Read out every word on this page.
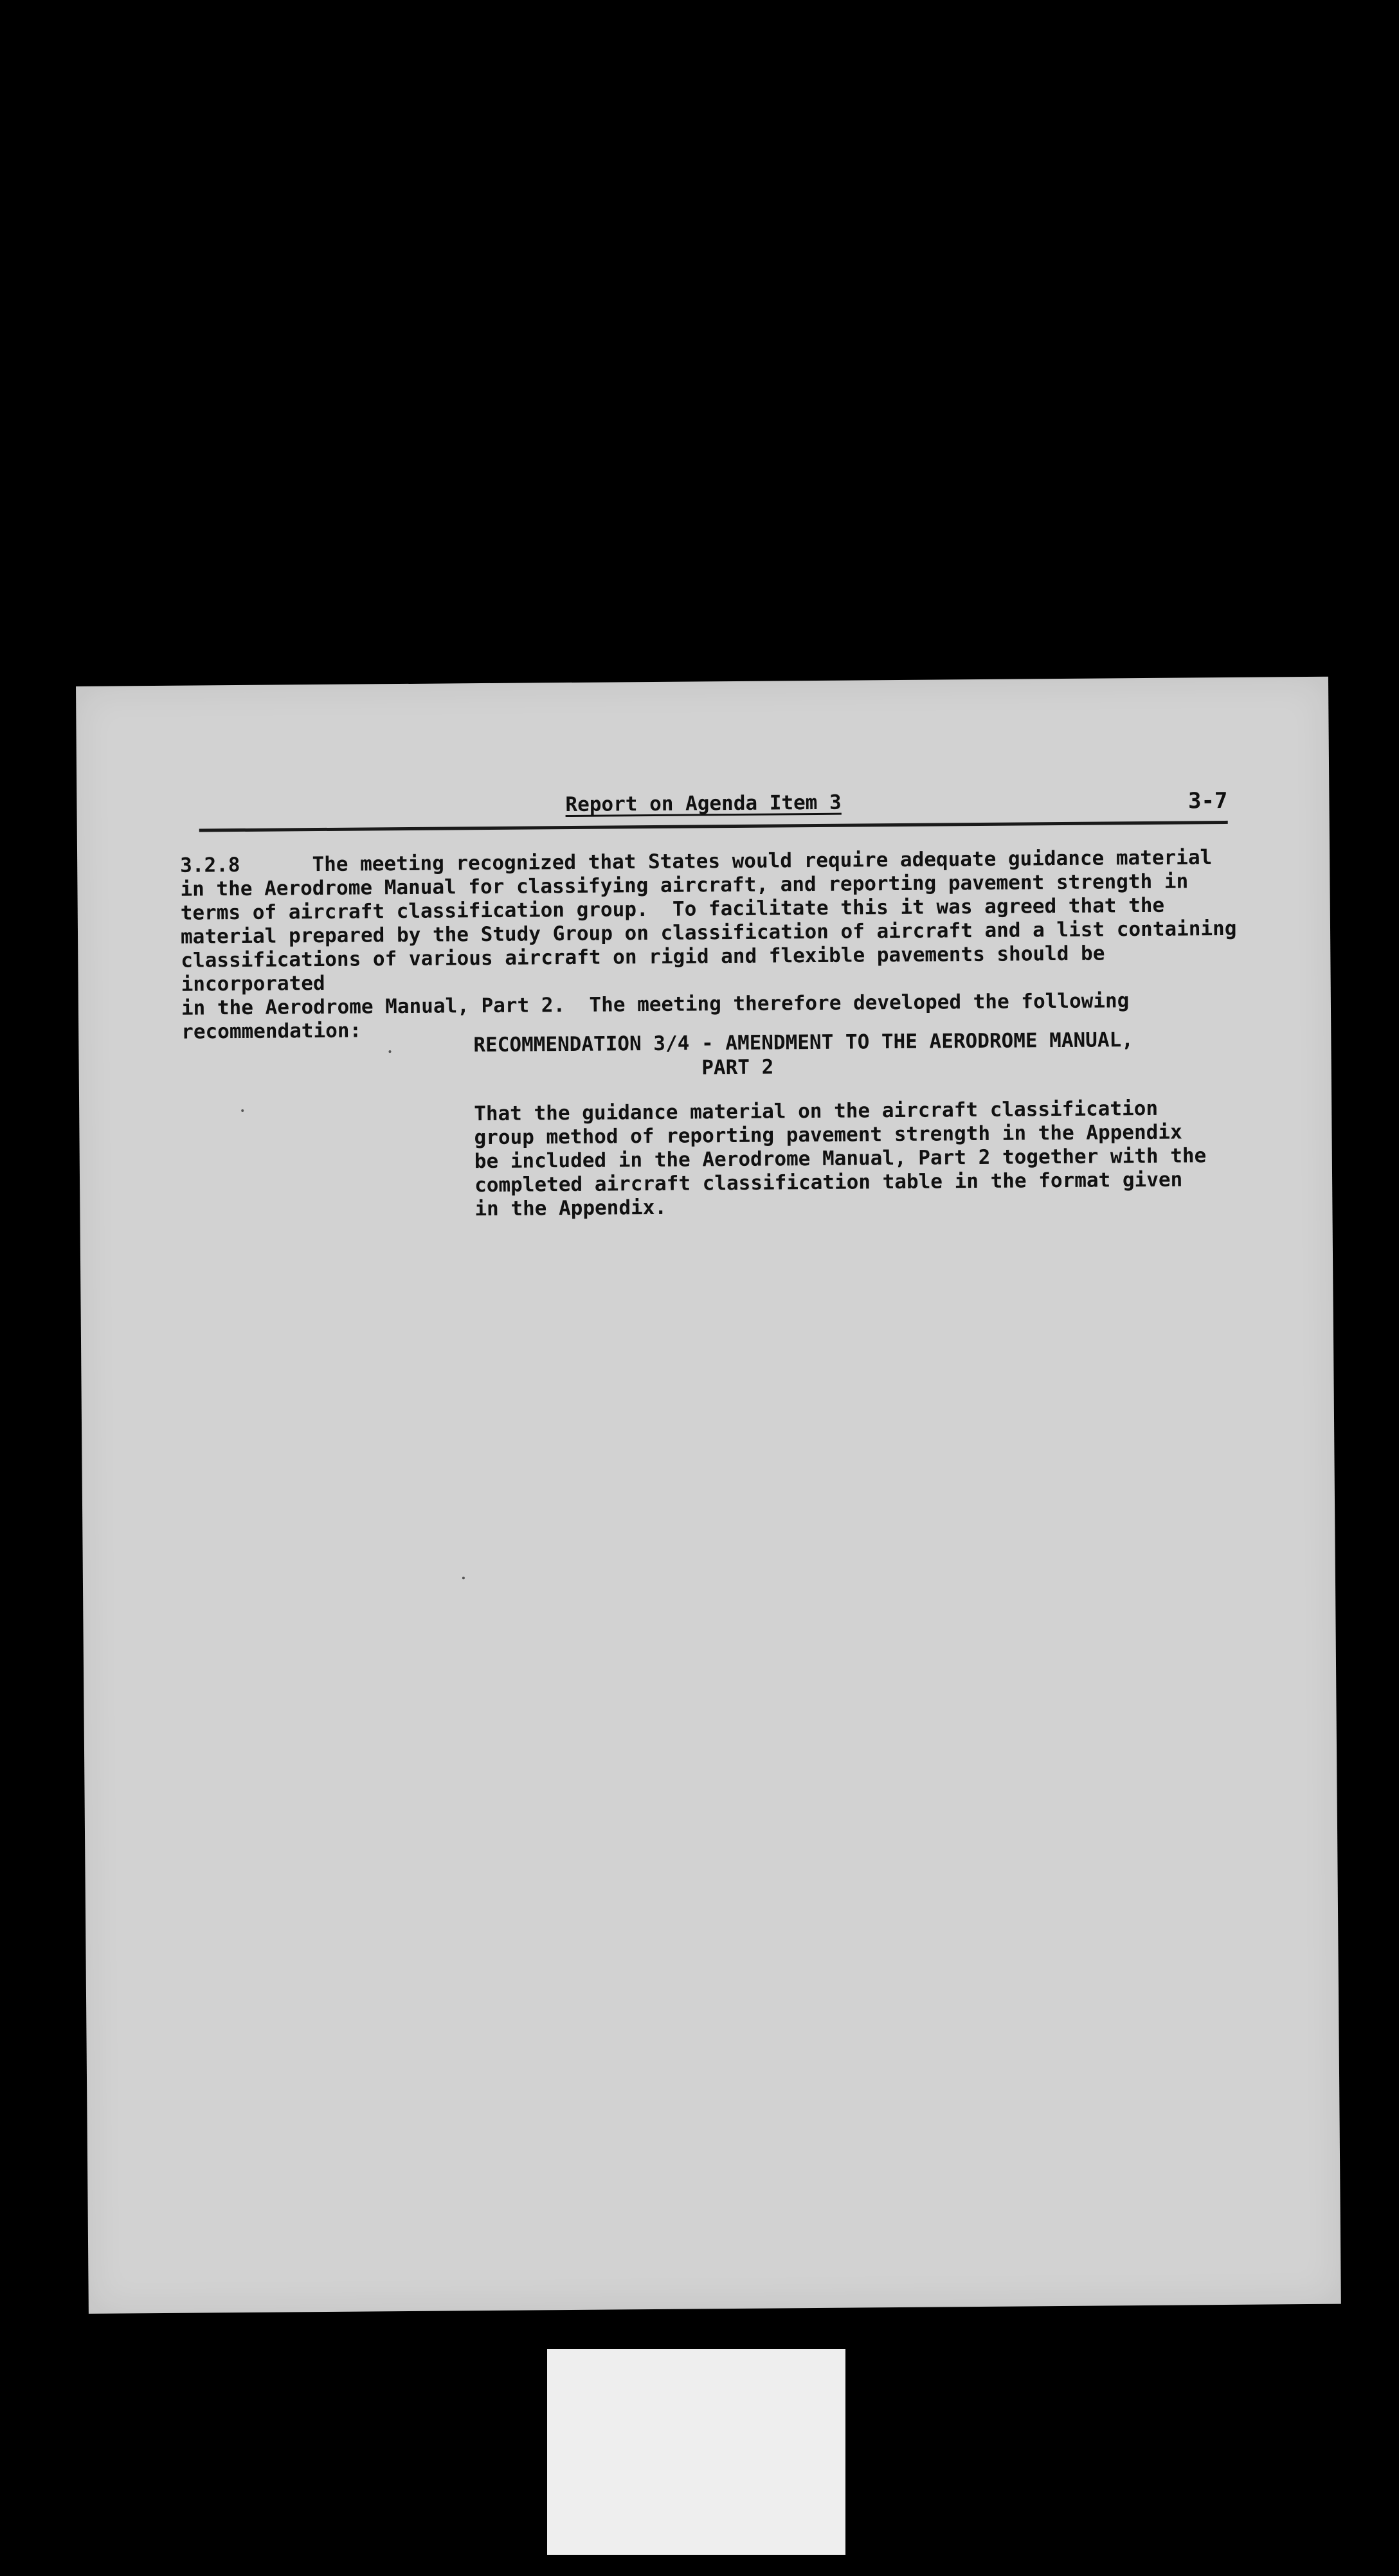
Report on Agenda Item 3	3-7

3.2.8      The meeting recognized that States would require adequate guidance material
in the Aerodrome Manual for classifying aircraft, and reporting pavement strength in
terms of aircraft classification group.  To facilitate this it was agreed that the
material prepared by the Study Group on classification of aircraft and a list containing
classifications of various aircraft on rigid and flexible pavements should be incorporated
in the Aerodrome Manual, Part 2.  The meeting therefore developed the following
recommendation:	RECOMMENDATION 3/4 - AMENDMENT TO THE AERODROME MANUAL,
PART 2

That the guidance material on the aircraft classification
group method of reporting pavement strength in the Appendix
be included in the Aerodrome Manual, Part 2 together with the
completed aircraft classification table in the format given
in the Appendix.
